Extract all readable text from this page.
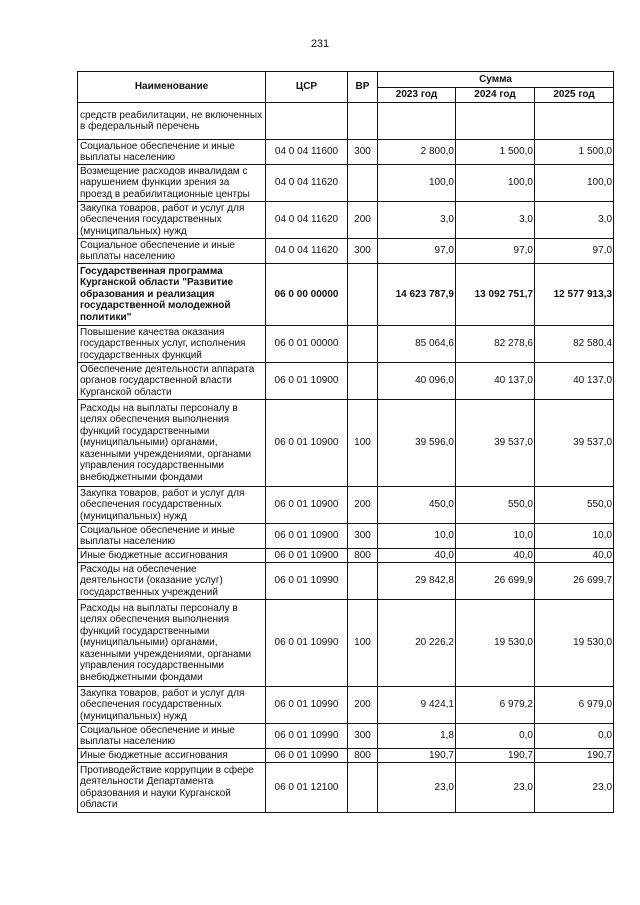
231
Наименование	ЦСР	ВР	Сумма		
			2023 год	2024 год	2025 год
средств реабилитации, не включенных в федеральный перечень					
Социальное обеспечение и иные выплаты населению	04 0 04 11600	300	2 800,0	1 500,0	1 500,0
Возмещение расходов инвалидам с нарушением функции зрения за проезд в реабилитационные центры	04 0 04 11620		100,0	100,0	100,0
Закупка товаров, работ и услуг для обеспечения государственных (муниципальных) нужд	04 0 04 11620	200	3,0	3,0	3,0
Социальное обеспечение и иные выплаты населению	04 0 04 11620	300	97,0	97,0	97,0
Государственная программа Курганской области "Развитие образования и реализация государственной молодежной политики"	06 0 00 00000		14 623 787,9	13 092 751,7	12 577 913,3
Повышение качества оказания государственных услуг, исполнения государственных функций	06 0 01 00000		85 064,6	82 278,6	82 580,4
Обеспечение деятельности аппарата органов государственной власти Курганской области	06 0 01 10900		40 096,0	40 137,0	40 137,0
Расходы на выплаты персоналу в целях обеспечения выполнения функций государственными (муниципальными) органами, казенными учреждениями, органами управления государственными внебюджетными фондами	06 0 01 10900	100	39 596,0	39 537,0	39 537,0
Закупка товаров, работ и услуг для обеспечения государственных (муниципальных) нужд	06 0 01 10900	200	450,0	550,0	550,0
Социальное обеспечение и иные выплаты населению	06 0 01 10900	300	10,0	10,0	10,0
Иные бюджетные ассигнования	06 0 01 10900	800	40,0	40,0	40,0
Расходы на обеспечение деятельности (оказание услуг) государственных учреждений	06 0 01 10990		29 842,8	26 699,9	26 699,7
Расходы на выплаты персоналу в целях обеспечения выполнения функций государственными (муниципальными) органами, казенными учреждениями, органами управления государственными внебюджетными фондами	06 0 01 10990	100	20 226,2	19 530,0	19 530,0
Закупка товаров, работ и услуг для обеспечения государственных (муниципальных) нужд	06 0 01 10990	200	9 424,1	6 979,2	6 979,0
Социальное обеспечение и иные выплаты населению	06 0 01 10990	300	1,8	0,0	0,0
Иные бюджетные ассигнования	06 0 01 10990	800	190,7	190,7	190,7
Противодействие коррупции в сфере деятельности Департамента образования и науки Курганской области	06 0 01 12100		23,0	23,0	23,0
